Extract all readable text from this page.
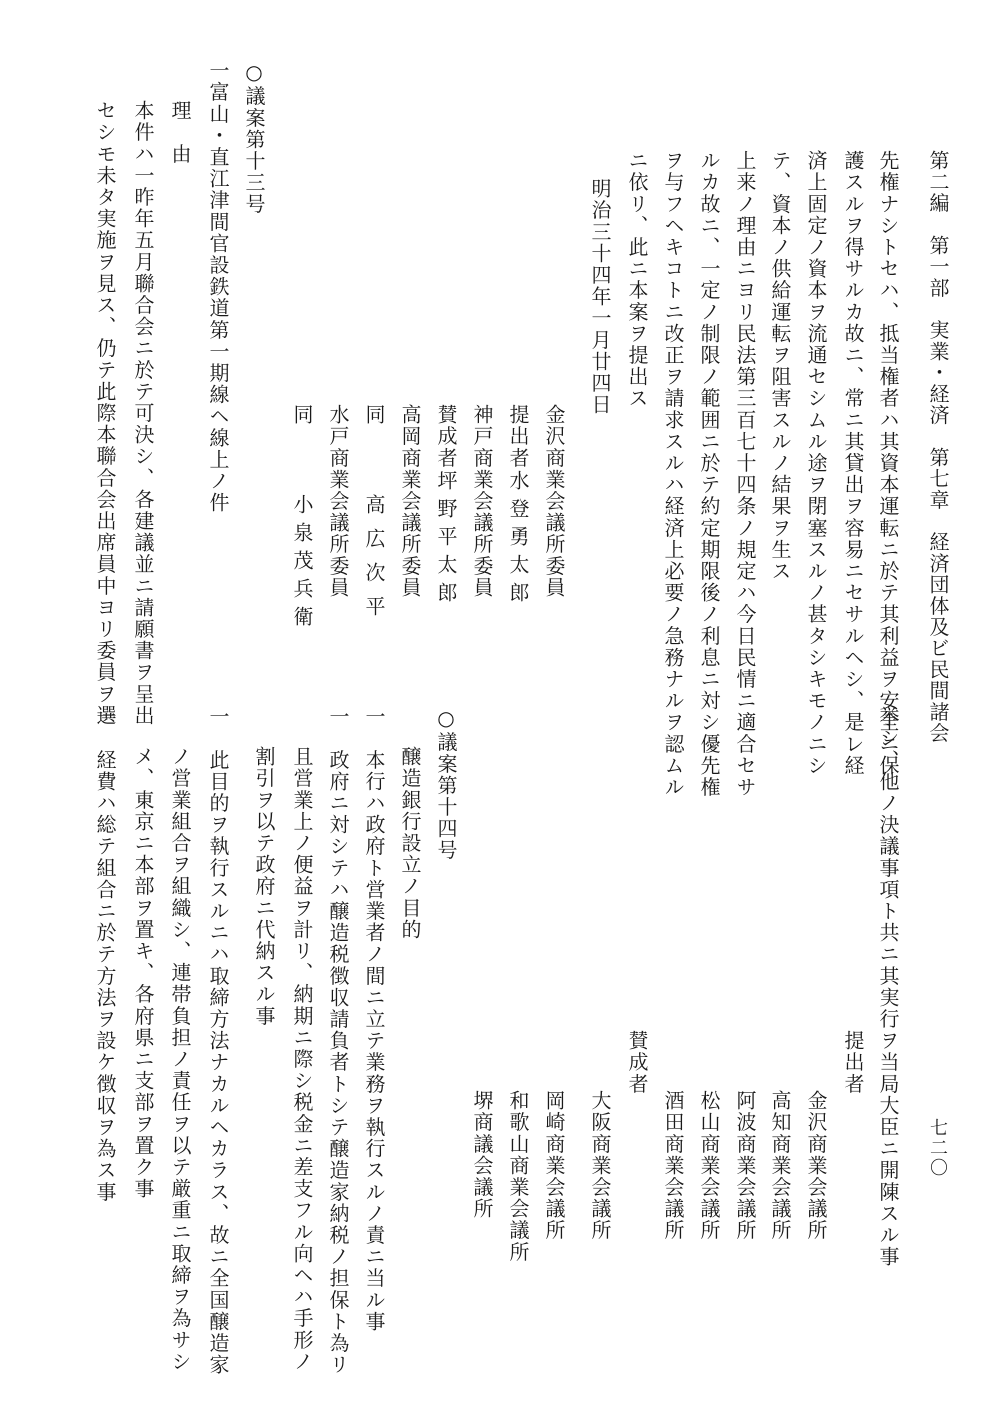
第二編　第一部　実業・経済　第七章　経済団体及ビ民間諸会
七二〇
先権ナシトセハ、抵当権者ハ其資本運転ニ於テ其利益ヲ安全ニ保
護スルヲ得サルカ故ニ、常ニ其貸出ヲ容易ニセサルヘシ、是レ経
済上固定ノ資本ヲ流通セシムル途ヲ閉塞スルノ甚タシキモノニシ
テ、資本ノ供給運転ヲ阻害スルノ結果ヲ生ス
上来ノ理由ニヨリ民法第三百七十四条ノ規定ハ今日民情ニ適合セサ
ルカ故ニ、一定ノ制限ノ範囲ニ於テ約定期限後ノ利息ニ対シ優先権
ヲ与フヘキコトニ改正ヲ請求スルハ経済上必要ノ急務ナルヲ認ムル
ニ依リ、此ニ本案ヲ提出ス
明治三十四年一月廿四日
金沢商業会議所委員
提出者
水登勇太郎
神戸商業会議所委員
賛成者
坪野平太郎
高岡商業会議所委員
同
高広次平
水戸商業会議所委員
同
小泉茂兵衛
○議案第十三号
一富山・直江津間官設鉄道第一期線ヘ線上ノ件
理　由
本件ハ一昨年五月聯合会ニ於テ可決シ、各建議並ニ請願書ヲ呈出
セシモ未タ実施ヲ見ス、仍テ此際本聯合会出席員中ヨリ委員ヲ選
挙シ、他ノ決議事項ト共ニ其実行ヲ当局大臣ニ開陳スル事
提出者
金沢商業会議所
高知商業会議所
阿波商業会議所
松山商業会議所
酒田商業会議所
賛成者
大阪商業会議所
岡崎商業会議所
和歌山商業会議所
堺商議会議所
○議案第十四号
醸造銀行設立ノ目的
一　本行ハ政府ト営業者ノ間ニ立テ業務ヲ執行スルノ責ニ当ル事
一　政府ニ対シテハ醸造税徴収請負者トシテ醸造家納税ノ担保ト為リ
且営業上ノ便益ヲ計リ、納期ニ際シ税金ニ差支フル向ヘハ手形ノ
割引ヲ以テ政府ニ代納スル事
一　此目的ヲ執行スルニハ取締方法ナカルヘカラス、故ニ全国醸造家
ノ営業組合ヲ組織シ、連帯負担ノ責任ヲ以テ厳重ニ取締ヲ為サシ
メ、東京ニ本部ヲ置キ、各府県ニ支部ヲ置ク事
一　経費ハ総テ組合ニ於テ方法ヲ設ケ徴収ヲ為ス事
